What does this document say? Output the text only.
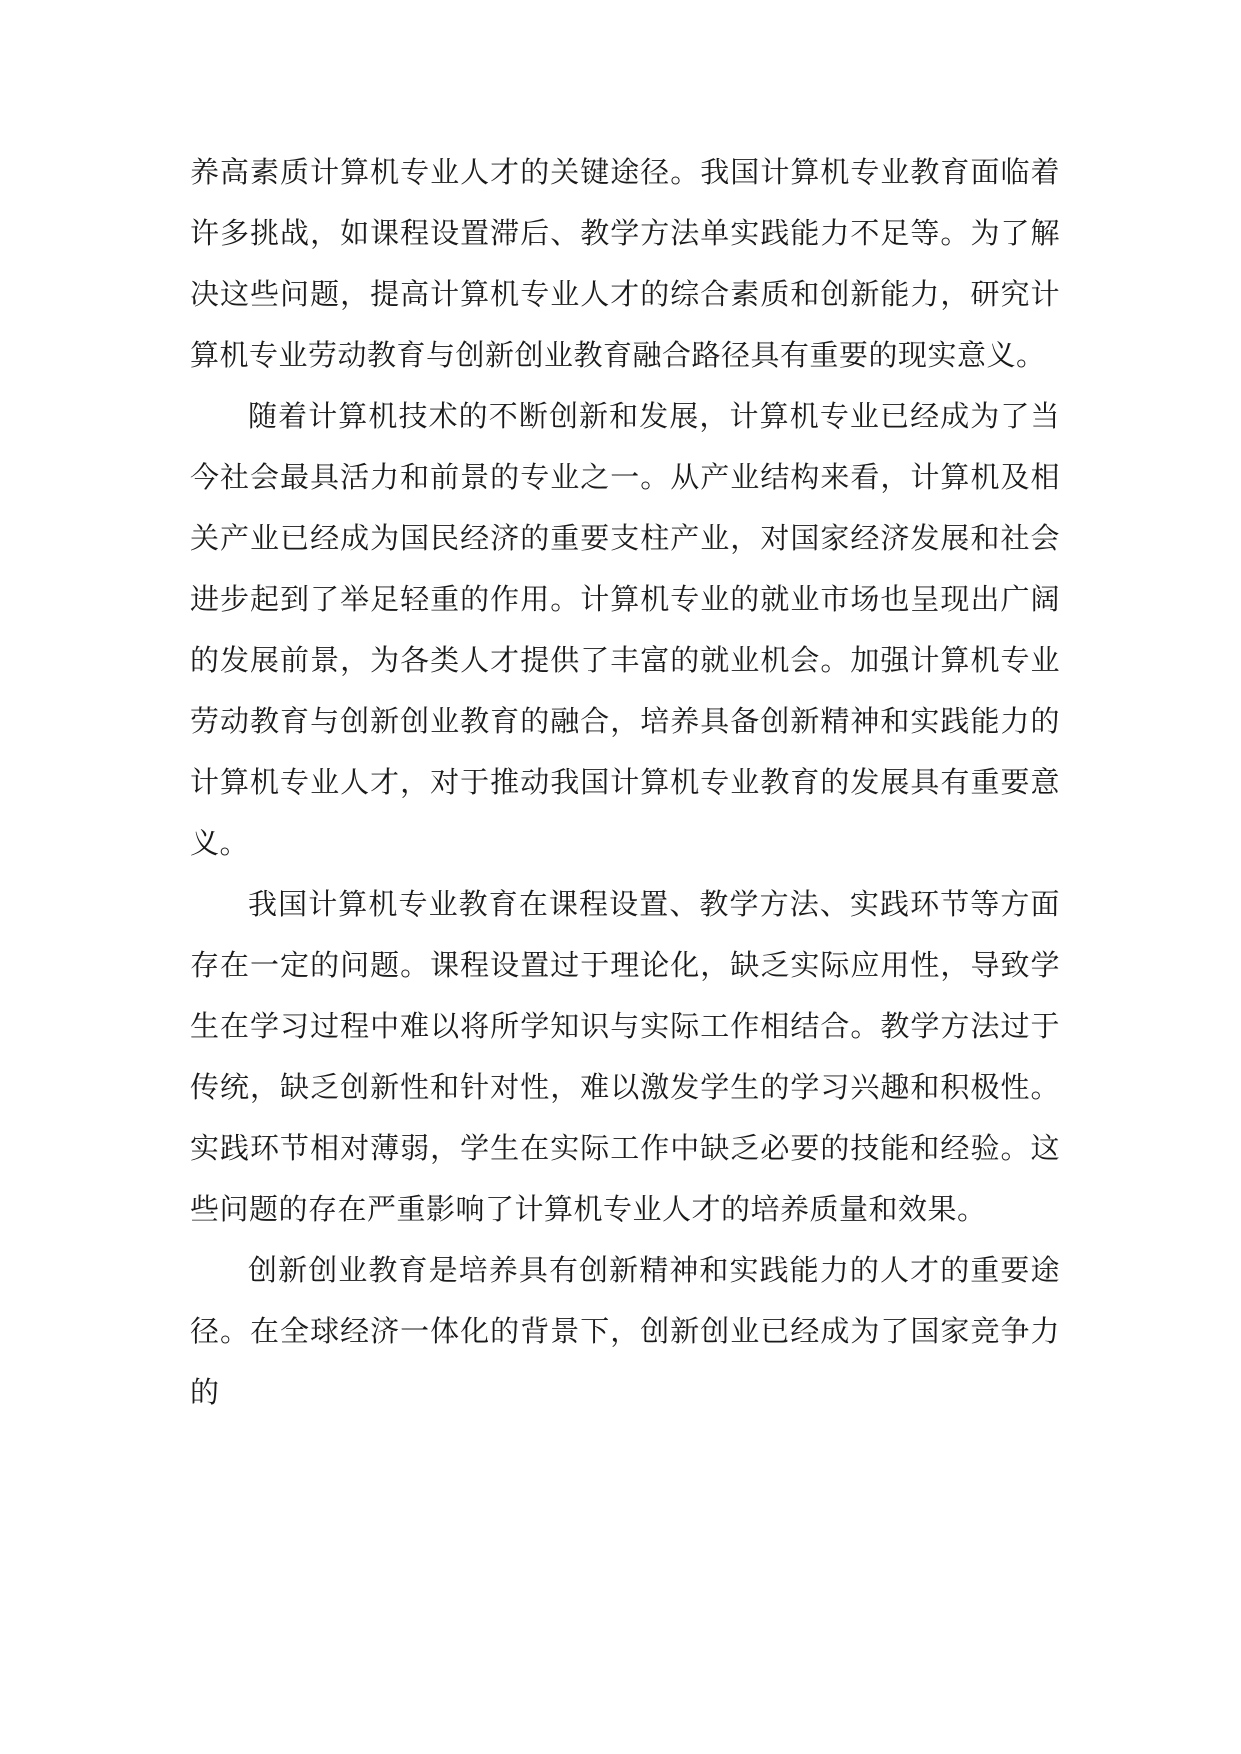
养高素质计算机专业人才的关键途径。我国计算机专业教育面临着许多挑战，如课程设置滞后、教学方法单实践能力不足等。为了解决这些问题，提高计算机专业人才的综合素质和创新能力，研究计算机专业劳动教育与创新创业教育融合路径具有重要的现实意义。

随着计算机技术的不断创新和发展，计算机专业已经成为了当今社会最具活力和前景的专业之一。从产业结构来看，计算机及相关产业已经成为国民经济的重要支柱产业，对国家经济发展和社会进步起到了举足轻重的作用。计算机专业的就业市场也呈现出广阔的发展前景，为各类人才提供了丰富的就业机会。加强计算机专业劳动教育与创新创业教育的融合，培养具备创新精神和实践能力的计算机专业人才，对于推动我国计算机专业教育的发展具有重要意义。

我国计算机专业教育在课程设置、教学方法、实践环节等方面存在一定的问题。课程设置过于理论化，缺乏实际应用性，导致学生在学习过程中难以将所学知识与实际工作相结合。教学方法过于传统，缺乏创新性和针对性，难以激发学生的学习兴趣和积极性。实践环节相对薄弱，学生在实际工作中缺乏必要的技能和经验。这些问题的存在严重影响了计算机专业人才的培养质量和效果。

创新创业教育是培养具有创新精神和实践能力的人才的重要途径。在全球经济一体化的背景下，创新创业已经成为了国家竞争力的
